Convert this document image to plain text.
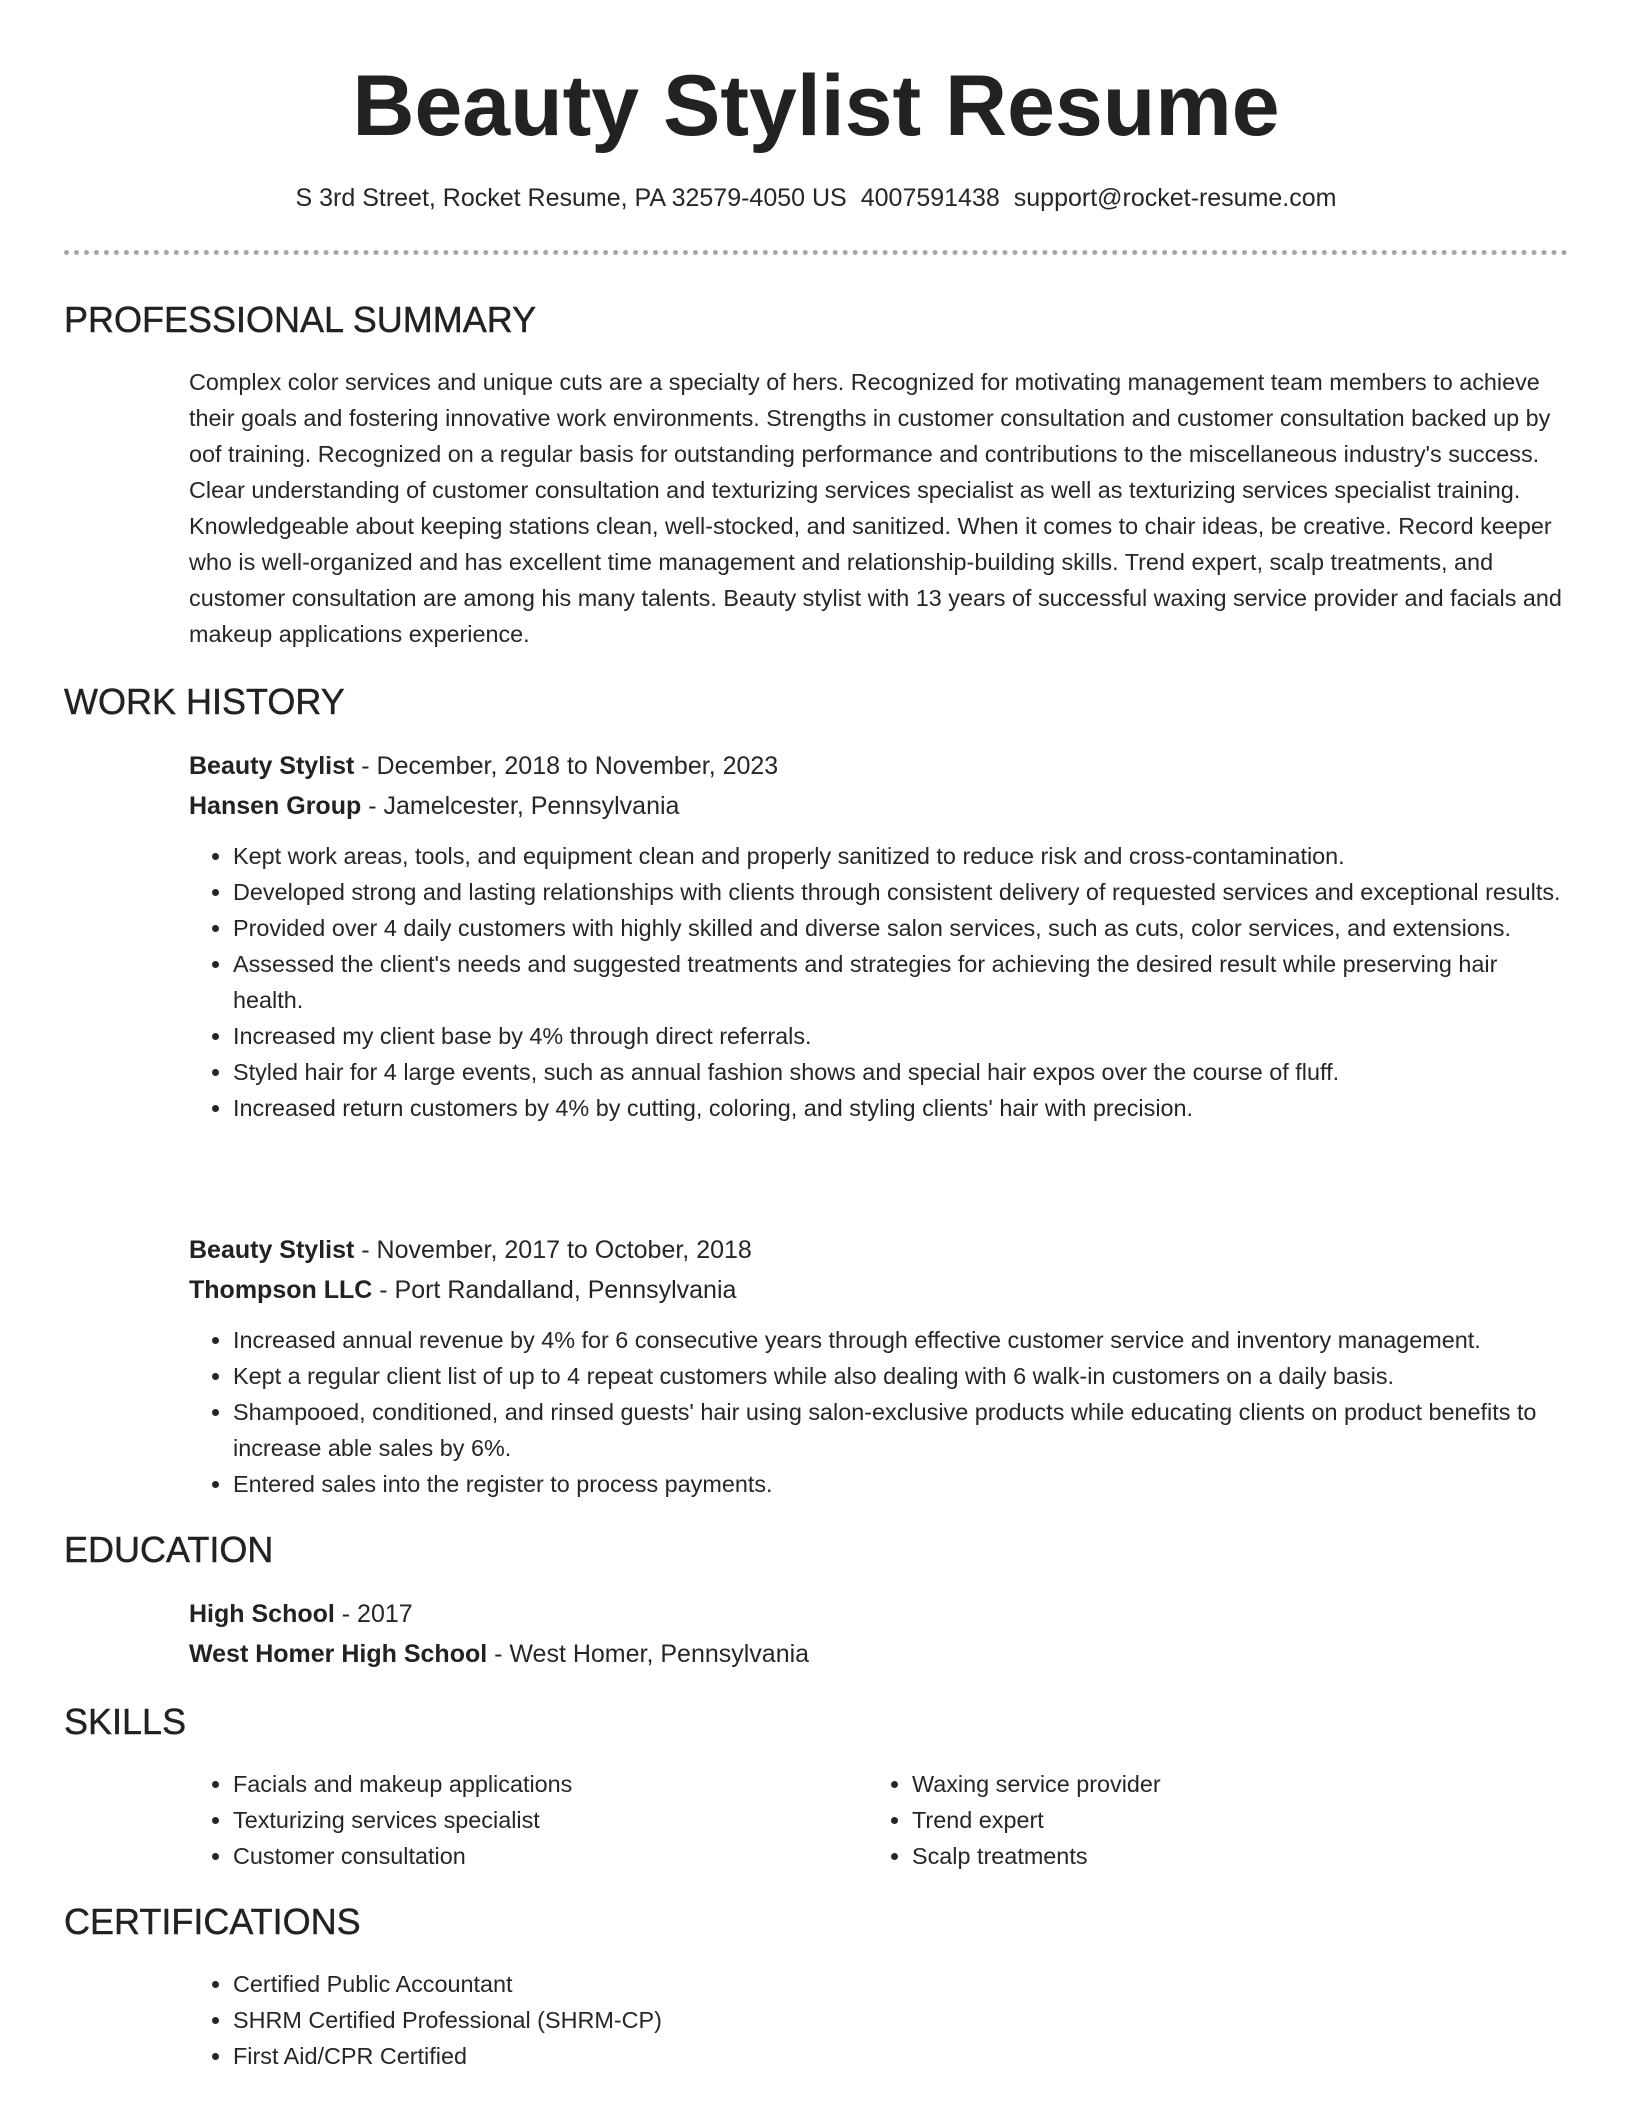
Beauty Stylist Resume
S 3rd Street, Rocket Resume, PA 32579-4050 US 4007591438 support@rocket-resume.com
PROFESSIONAL SUMMARY

Complex color services and unique cuts are a specialty of hers. Recognized for motivating management team members to achieve their goals and fostering innovative work environments. Strengths in customer consultation and customer consultation backed up by oof training. Recognized on a regular basis for outstanding performance and contributions to the miscellaneous industry's success. Clear understanding of customer consultation and texturizing services specialist as well as texturizing services specialist training. Knowledgeable about keeping stations clean, well-stocked, and sanitized. When it comes to chair ideas, be creative. Record keeper who is well-organized and has excellent time management and relationship-building skills. Trend expert, scalp treatments, and customer consultation are among his many talents. Beauty stylist with 13 years of successful waxing service provider and facials and makeup applications experience.

WORK HISTORY
Beauty Stylist - December, 2018 to November, 2023
Hansen Group - Jamelcester, Pennsylvania
• Kept work areas, tools, and equipment clean and properly sanitized to reduce risk and cross-contamination.
• Developed strong and lasting relationships with clients through consistent delivery of requested services and exceptional results.
• Provided over 4 daily customers with highly skilled and diverse salon services, such as cuts, color services, and extensions.
• Assessed the client's needs and suggested treatments and strategies for achieving the desired result while preserving hair health.
• Increased my client base by 4% through direct referrals.
• Styled hair for 4 large events, such as annual fashion shows and special hair expos over the course of fluff.
• Increased return customers by 4% by cutting, coloring, and styling clients' hair with precision.
Beauty Stylist - November, 2017 to October, 2018
Thompson LLC - Port Randalland, Pennsylvania
• Increased annual revenue by 4% for 6 consecutive years through effective customer service and inventory management.
• Kept a regular client list of up to 4 repeat customers while also dealing with 6 walk-in customers on a daily basis.
• Shampooed, conditioned, and rinsed guests' hair using salon-exclusive products while educating clients on product benefits to increase able sales by 6%.
• Entered sales into the register to process payments.
EDUCATION
High School - 2017
West Homer High School - West Homer, Pennsylvania
SKILLS
• Facials and makeup applications
• Texturizing services specialist
• Customer consultation
• Waxing service provider
• Trend expert
• Scalp treatments
CERTIFICATIONS
• Certified Public Accountant
• SHRM Certified Professional (SHRM-CP)
• First Aid/CPR Certified
